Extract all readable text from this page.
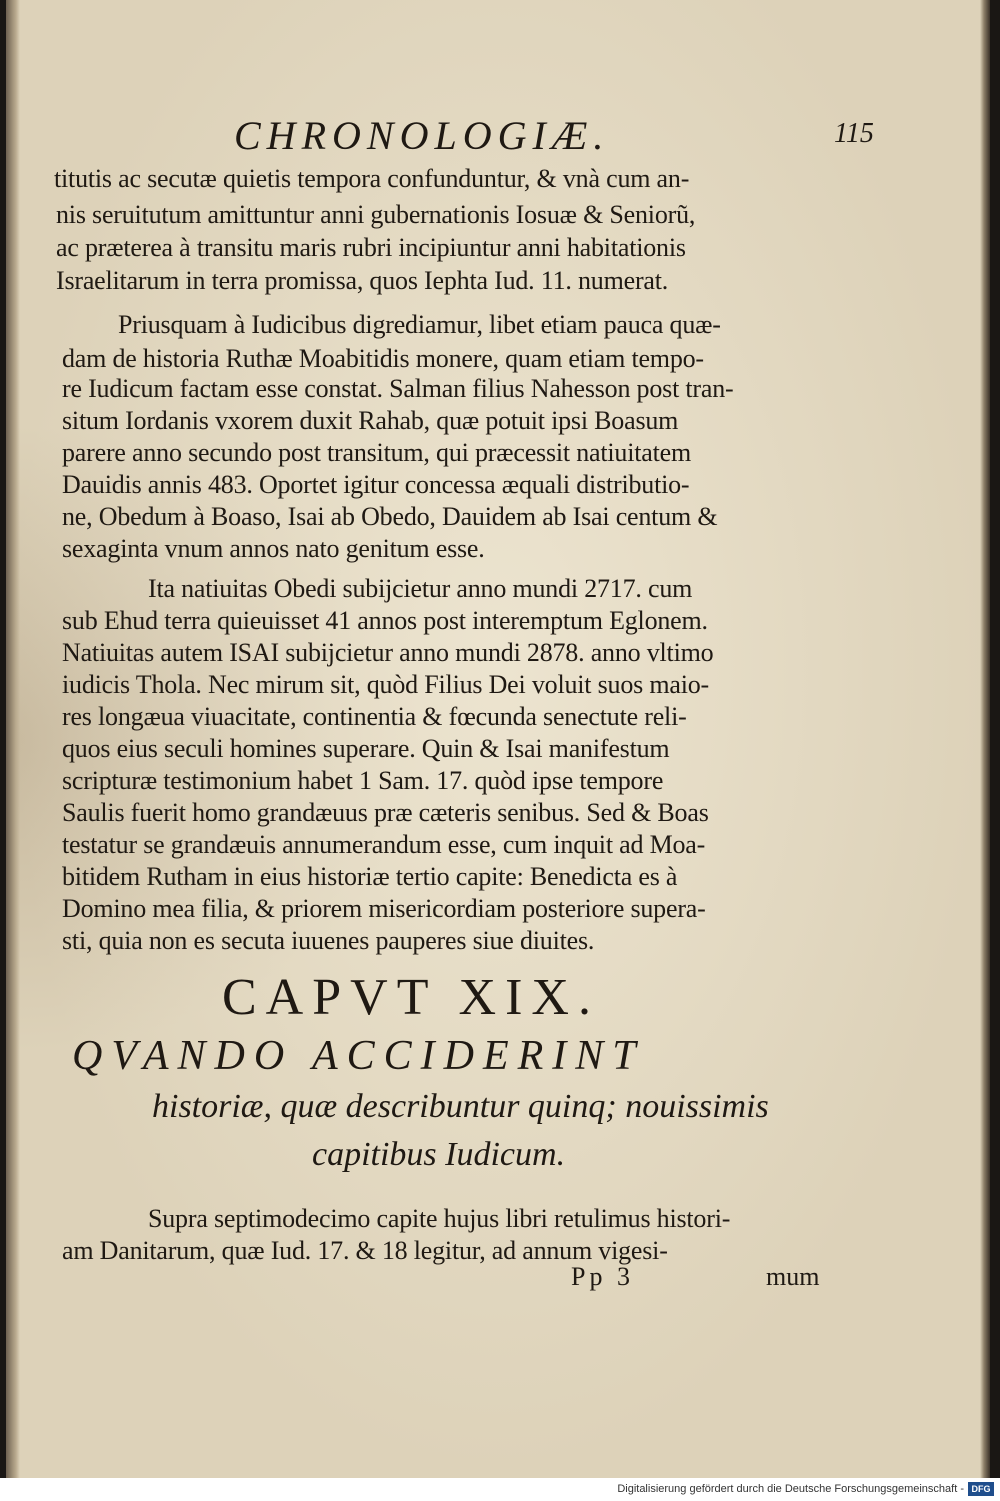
CHRONOLOGIÆ.	115
titutis ac secutæ quietis tempora confunduntur, & vnà cum an-
nis seruitutum amittuntur anni gubernationis Iosuæ & Seniorũ,
ac præterea à transitu maris rubri incipiuntur anni habitationis
Israelitarum in terra promissa, quos Iephta Iud. 11. numerat.
Priusquam à Iudicibus digrediamur, libet etiam pauca quæ-
dam de historia Ruthæ Moabitidis monere, quam etiam tempo-
re Iudicum factam esse constat. Salman filius Nahesson post tran-
situm Iordanis vxorem duxit Rahab, quæ potuit ipsi Boasum
parere anno secundo post transitum, qui præcessit natiuitatem
Dauidis annis 483. Oportet igitur concessa æquali distributio-
ne, Obedum à Boaso, Isai ab Obedo, Dauidem ab Isai centum &
sexaginta vnum annos nato genitum esse.
Ita natiuitas Obedi subijcietur anno mundi 2717. cum
sub Ehud terra quieuisset 41 annos post interemptum Eglonem.
Natiuitas autem ISAI subijcietur anno mundi 2878. anno vltimo
iudicis Thola. Nec mirum sit, quòd Filius Dei voluit suos maio-
res longæua viuacitate, continentia & fœcunda senectute reli-
quos eius seculi homines superare. Quin & Isai manifestum
scripturæ testimonium habet 1 Sam. 17. quòd ipse tempore
Saulis fuerit homo grandæuus præ cæteris senibus. Sed & Boas
testatur se grandæuis annumerandum esse, cum inquit ad Moa-
bitidem Rutham in eius historiæ tertio capite: Benedicta es à
Domino mea filia, & priorem misericordiam posteriore supera-
sti, quia non es secuta iuuenes pauperes siue diuites.
CAPVT XIX.
QVANDO ACCIDERINT
historiæ, quæ describuntur quinq; nouissimis
capitibus Iudicum.
Supra septimodecimo capite hujus libri retulimus histori-
am Danitarum, quæ Iud. 17. & 18 legitur, ad annum vigesi-
Pp 3	mum
Digitalisierung gefördert durch die Deutsche Forschungsgemeinschaft - DFG
